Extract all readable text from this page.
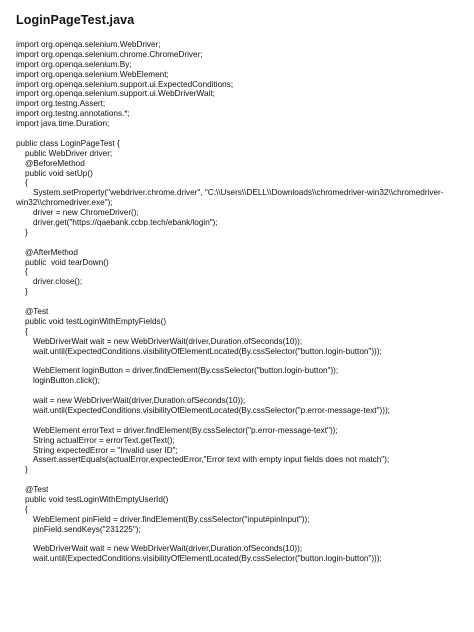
LoginPageTest.java
import org.openqa.selenium.WebDriver;
import org.openqa.selenium.chrome.ChromeDriver;
import org.openqa.selenium.By;
import org.openqa.selenium.WebElement;
import org.openqa.selenium.support.ui.ExpectedConditions;
import org.openqa.selenium.support.ui.WebDriverWait;
import org.testng.Assert;
import org.testng.annotations.*;
import java.time.Duration;
public class LoginPageTest {
public WebDriver driver;
@BeforeMethod
public void setUp()
{
System.setProperty("webdriver.chrome.driver", "C:\\Users\\DELL\\Downloads\\chromedriver-win32\\chromedriver-
win32\\chromedriver.exe");
driver = new ChromeDriver();
driver.get("https://qaebank.ccbp.tech/ebank/login");
}
@AfterMethod
public  void tearDown()
{
driver.close();
}
@Test
public void testLoginWithEmptyFields()
{
WebDriverWait wait = new WebDriverWait(driver,Duration.ofSeconds(10));
wait.until(ExpectedConditions.visibilityOfElementLocated(By.cssSelector("button.login-button")));
WebElement loginButton = driver.findElement(By.cssSelector("button.login-button"));
loginButton.click();
wait = new WebDriverWait(driver,Duration.ofSeconds(10));
wait.until(ExpectedConditions.visibilityOfElementLocated(By.cssSelector("p.error-message-text")));
WebElement errorText = driver.findElement(By.cssSelector("p.error-message-text"));
String actualError = errorText.getText();
String expectedError = "Invalid user ID";
Assert.assertEquals(actualError,expectedError,"Error text with empty input fields does not match");
}
@Test
public void testLoginWithEmptyUserId()
{
WebElement pinField = driver.findElement(By.cssSelector("input#pinInput"));
pinField.sendKeys("231225");
WebDriverWait wait = new WebDriverWait(driver,Duration.ofSeconds(10));
wait.until(ExpectedConditions.visibilityOfElementLocated(By.cssSelector("button.login-button")));
